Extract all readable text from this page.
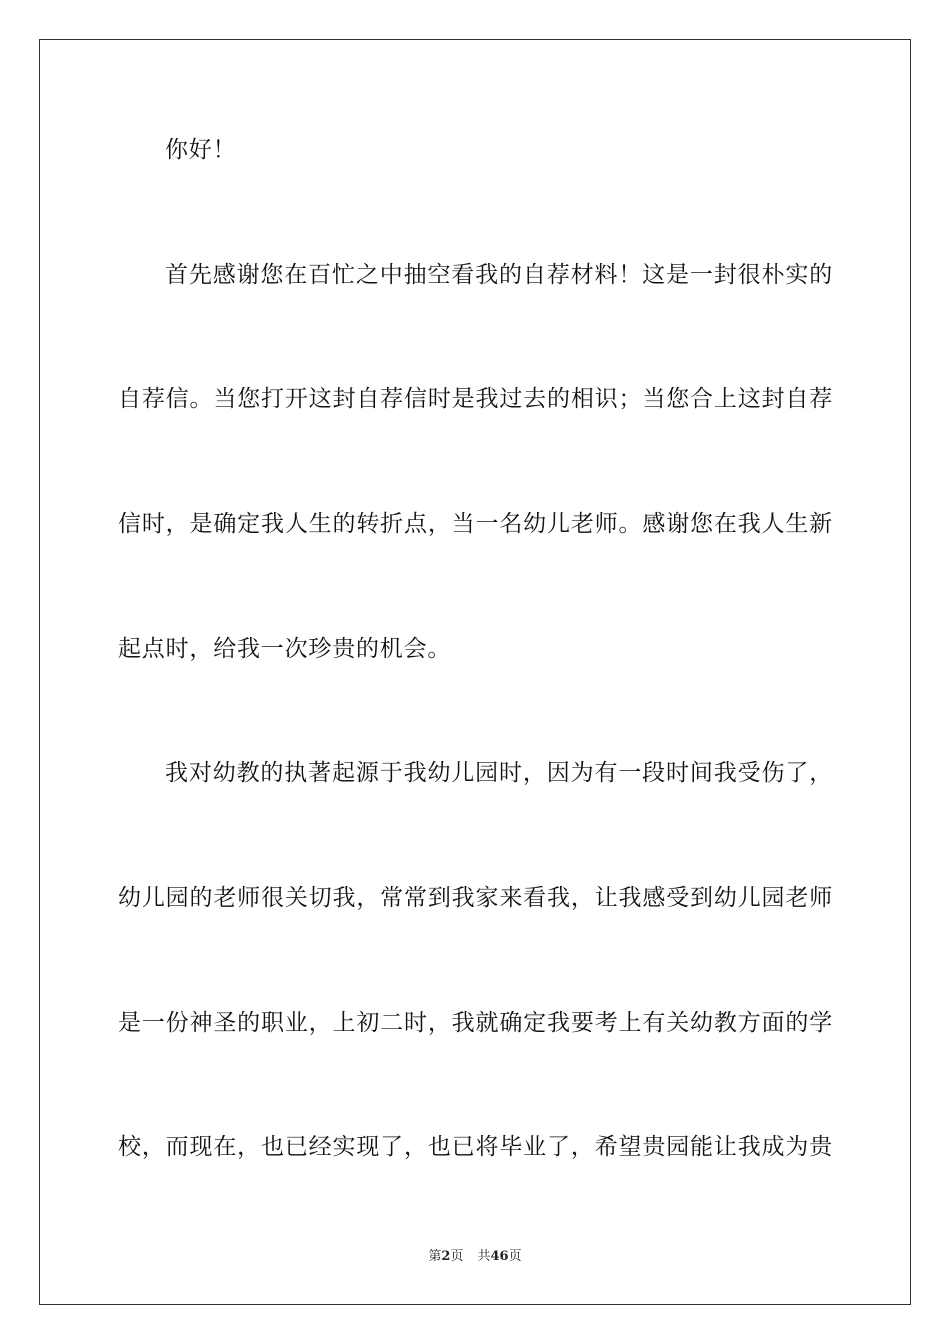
你好！
首先感谢您在百忙之中抽空看我的自荐材料！这是一封很朴实的
自荐信。当您打开这封自荐信时是我过去的相识；当您合上这封自荐
信时，是确定我人生的转折点，当一名幼儿老师。感谢您在我人生新
起点时，给我一次珍贵的机会。
我对幼教的执著起源于我幼儿园时，因为有一段时间我受伤了，
幼儿园的老师很关切我，常常到我家来看我，让我感受到幼儿园老师
是一份神圣的职业，上初二时，我就确定我要考上有关幼教方面的学
校，而现在，也已经实现了，也已将毕业了，希望贵园能让我成为贵
第2页 共46页
